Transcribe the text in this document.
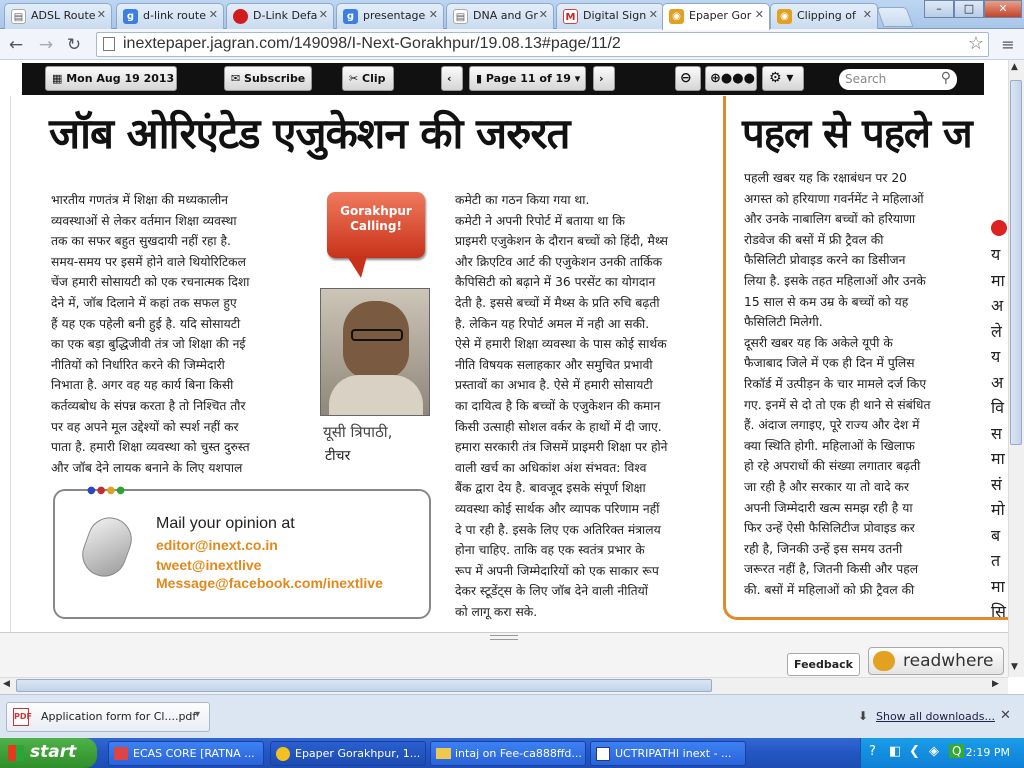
▤ ADSL Route ✕	g d-link route ✕	D-Link Defa ✕	g presentage ✕ ▤ DNA and Gr ✕ M Digital Sign ✕	◉ Epaper Gor ✕	◉ Clipping of ✕	–	□	✕
← → ↻	inextepaper.jagran.com/149098/I-Next-Gorakhpur/19.08.13#page/11/2	☆	≡
▦ Mon Aug 19 2013 ▾	✉ Subscribe	✂ Clip	‹	▮ Page 11 of 19 ▾	›	⊖	⊕●●●	⚙ ▾	Search	⚲
जॉब ओरिएंटेड एजुकेशन की जरुरत

भारतीय गणतंत्र में शिक्षा की मध्यकालीन

व्यवस्थाओं से लेकर वर्तमान शिक्षा व्यवस्था

तक का सफर बहुत सुखदायी नहीं रहा है.

समय-समय पर इसमें होने वाले थियोरिटिकल

चेंज हमारी सोसायटी को एक रचनात्मक दिशा

देने में, जॉब दिलाने में कहां तक सफल हुए

हैं यह एक पहेली बनी हुई है. यदि सोसायटी

का एक बड़ा बुद्धिजीवी तंत्र जो शिक्षा की नई

नीतियों को निर्धारित करने की जिम्मेदारी

निभाता है. अगर वह यह कार्य बिना किसी

कर्तव्यबोध के संपन्न करता है तो निश्चित तौर

पर वह अपने मूल उद्देश्यों को स्पर्श नहीं कर

पाता है. हमारी शिक्षा व्यवस्था को चुस्त दुरुस्त

और जॉब देने लायक बनाने के लिए यशपाल

Gorakhpur
Calling!
यूसी त्रिपाठी,
टीचर
●●●●
Mail your opinion at
editor@inext.co.in
tweet@inextlive
Message@facebook.com/inextlive

कमेटी का गठन किया गया था.

कमेटी ने अपनी रिपोर्ट में बताया था कि

प्राइमरी एजुकेशन के दौरान बच्चों को हिंदी, मैथ्स

और क्रिएटिव आर्ट की एजुकेशन उनकी तार्किक

कैपिसिटी को बढ़ाने में 36 परसेंट का योगदान

देती है. इससे बच्चों में मैथ्स के प्रति रुचि बढ़ती

है. लेकिन यह रिपोर्ट अमल में नही आ सकी.

ऐसे में हमारी शिक्षा व्यवस्था के पास कोई सार्थक

नीति विषयक सलाहकार और समुचित प्रभावी

प्रस्तावों का अभाव है. ऐसे में हमारी सोसायटी

का दायित्व है कि बच्चों के एजुकेशन की कमान

किसी उत्साही सोशल वर्कर के हाथों में दी जाए.

हमारा सरकारी तंत्र जिसमें प्राइमरी शिक्षा पर होने

वाली खर्च का अधिकांश अंश संभवत: विश्व

बैंक द्वारा देय है. बावजूद इसके संपूर्ण शिक्षा

व्यवस्था कोई सार्थक और व्यापक परिणाम नहीं

दे पा रही है. इसके लिए एक अतिरिक्त मंत्रालय

होना चाहिए. ताकि वह एक स्वतंत्र प्रभार के

रूप में अपनी जिम्मेदारियों को एक साकार रूप

देकर स्टूडेंट्स के लिए जॉब देने वाली नीतियों

को लागू करा सके.

पहल से पहले ज

पहली खबर यह कि रक्षाबंधन पर 20

अगस्त को हरियाणा गवर्नमेंट ने महिलाओं

और उनके नाबालिग बच्चों को हरियाणा

रोडवेज की बसों में फ्री ट्रैवल की

फैसिलिटी प्रोवाइड करने का डिसीजन

लिया है. इसके तहत महिलाओं और उनके

15 साल से कम उम्र के बच्चों को यह

फैसिलिटी मिलेगी.

दूसरी खबर यह कि अकेले यूपी के

फैजाबाद जिले में एक ही दिन में पुलिस

रिकॉर्ड में उत्पीड़न के चार मामले दर्ज किए

गए. इनमें से दो तो एक ही थाने से संबंधित

हैं. अंदाज लगाइए, पूरे राज्य और देश में

क्या स्थिति होगी. महिलाओं के खिलाफ

हो रहे अपराधों की संख्या लगातार बढ़ती

जा रही है और सरकार या तो वादे कर

अपनी जिम्मेदारी खत्म समझ रही है या

फिर उन्हें ऐसी फैसिलिटीज प्रोवाइड कर

रही है, जिनकी उन्हें इस समय उतनी

जरूरत नहीं है, जितनी किसी और पहल

की. बसों में महिलाओं को फ्री ट्रैवल की

य
मा
अ
ले
य
अ
वि
स
मा
सं
मो
ब
त
मा
सि
Feedback	readwhere
▲
▼
◀	▶
PDF Application form for Cl....pdf
▾	⬇ Show all downloads... ✕
start	ECAS CORE [RATNA ...	Epaper Gorakhpur, 1...	intaj on Fee-ca888ffd...	UCTRIPATHI inext - ...	? ◧ ❮ ◈ Q 2:19 PM
